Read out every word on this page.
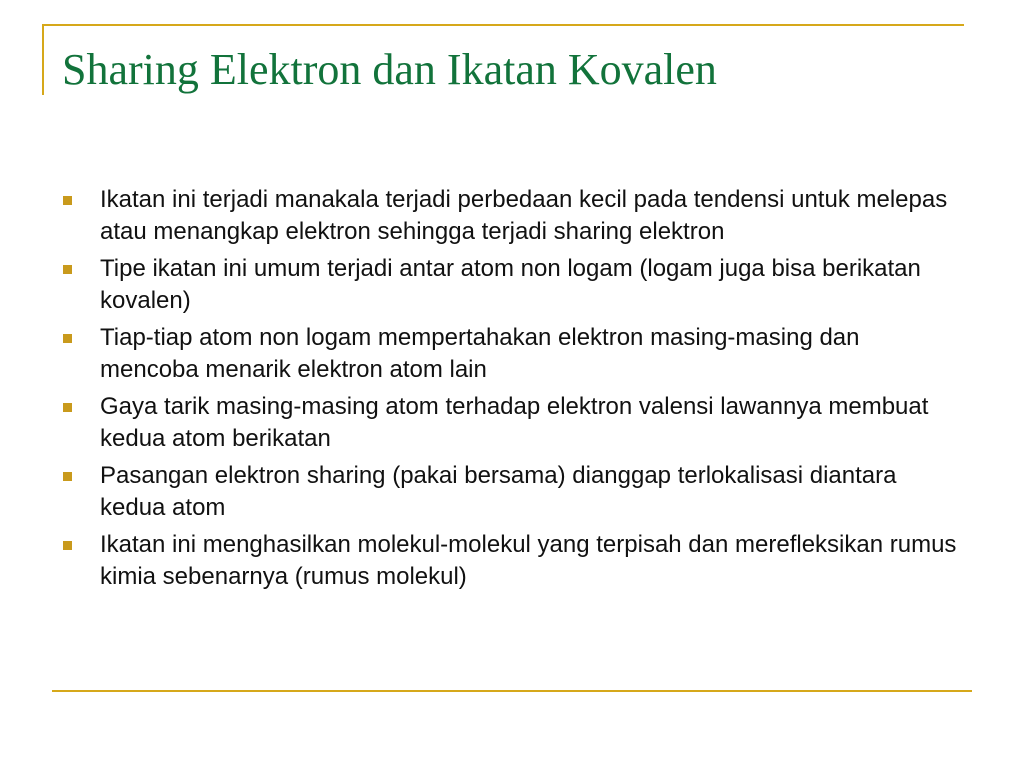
Sharing Elektron dan Ikatan Kovalen
Ikatan ini terjadi manakala terjadi perbedaan kecil pada tendensi untuk melepas atau menangkap elektron sehingga terjadi sharing elektron
Tipe ikatan ini umum terjadi antar atom non logam (logam juga bisa berikatan kovalen)
Tiap-tiap atom non logam mempertahakan elektron masing-masing dan mencoba menarik elektron atom lain
Gaya tarik masing-masing atom terhadap elektron valensi lawannya membuat kedua atom berikatan
Pasangan elektron sharing (pakai bersama) dianggap terlokalisasi diantara kedua atom
Ikatan ini menghasilkan molekul-molekul yang terpisah dan merefleksikan rumus kimia sebenarnya (rumus molekul)
